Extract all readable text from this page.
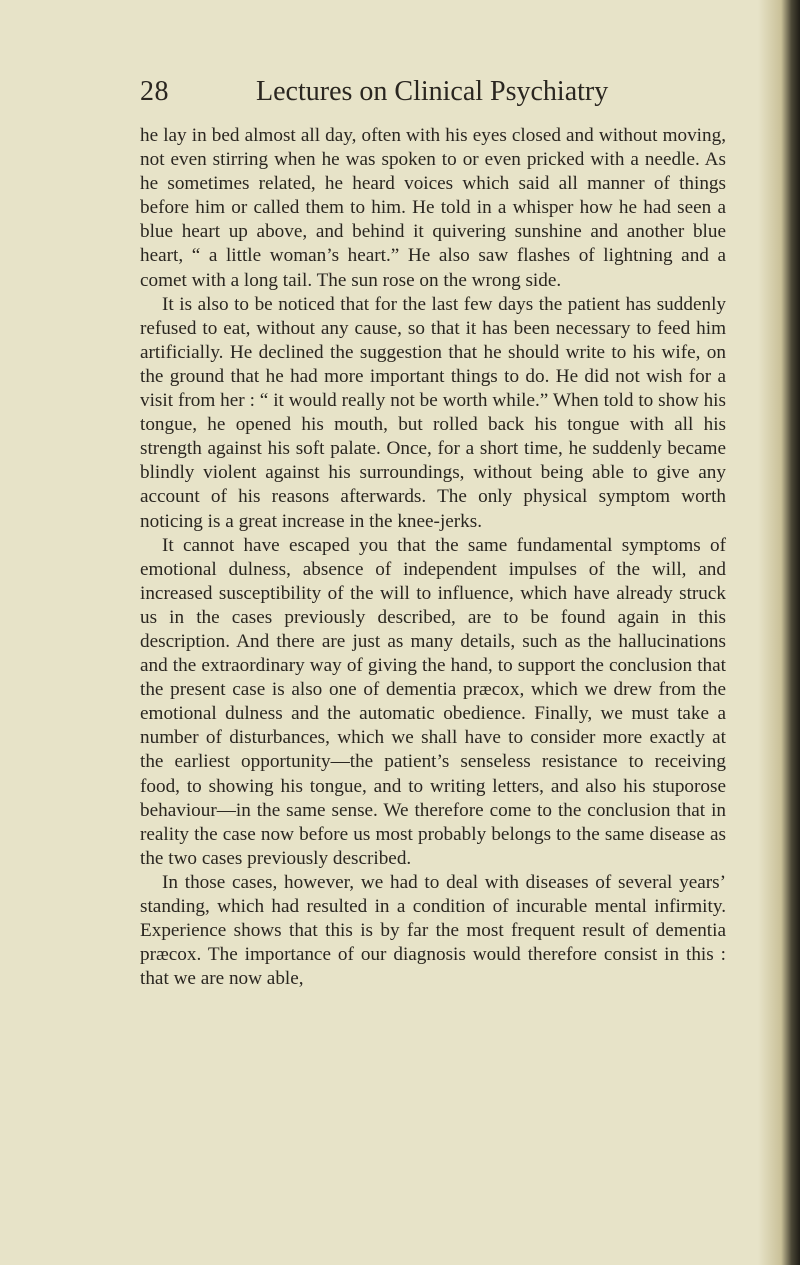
28	Lectures on Clinical Psychiatry

he lay in bed almost all day, often with his eyes closed and without moving, not even stirring when he was spoken to or even pricked with a needle. As he sometimes related, he heard voices which said all manner of things before him or called them to him. He told in a whisper how he had seen a blue heart up above, and behind it quivering sunshine and another blue heart, “ a little woman’s heart.” He also saw flashes of lightning and a comet with a long tail. The sun rose on the wrong side.

It is also to be noticed that for the last few days the patient has suddenly refused to eat, without any cause, so that it has been necessary to feed him artificially. He declined the suggestion that he should write to his wife, on the ground that he had more important things to do. He did not wish for a visit from her : “ it would really not be worth while.” When told to show his tongue, he opened his mouth, but rolled back his tongue with all his strength against his soft palate. Once, for a short time, he suddenly became blindly violent against his surroundings, without being able to give any account of his reasons afterwards. The only physical symptom worth noticing is a great increase in the knee-jerks.

It cannot have escaped you that the same fundamental symptoms of emotional dulness, absence of independent impulses of the will, and increased susceptibility of the will to influence, which have already struck us in the cases previously described, are to be found again in this description. And there are just as many details, such as the hallucinations and the extraordinary way of giving the hand, to support the conclusion that the present case is also one of dementia præcox, which we drew from the emotional dulness and the automatic obedience. Finally, we must take a number of disturbances, which we shall have to consider more exactly at the earliest opportunity—the patient’s senseless resistance to receiving food, to showing his tongue, and to writing letters, and also his stuporose behaviour—in the same sense. We therefore come to the conclusion that in reality the case now before us most probably belongs to the same disease as the two cases previously described.

In those cases, however, we had to deal with diseases of several years’ standing, which had resulted in a condition of incurable mental infirmity. Experience shows that this is by far the most frequent result of dementia præcox. The importance of our diagnosis would therefore consist in this : that we are now able,
